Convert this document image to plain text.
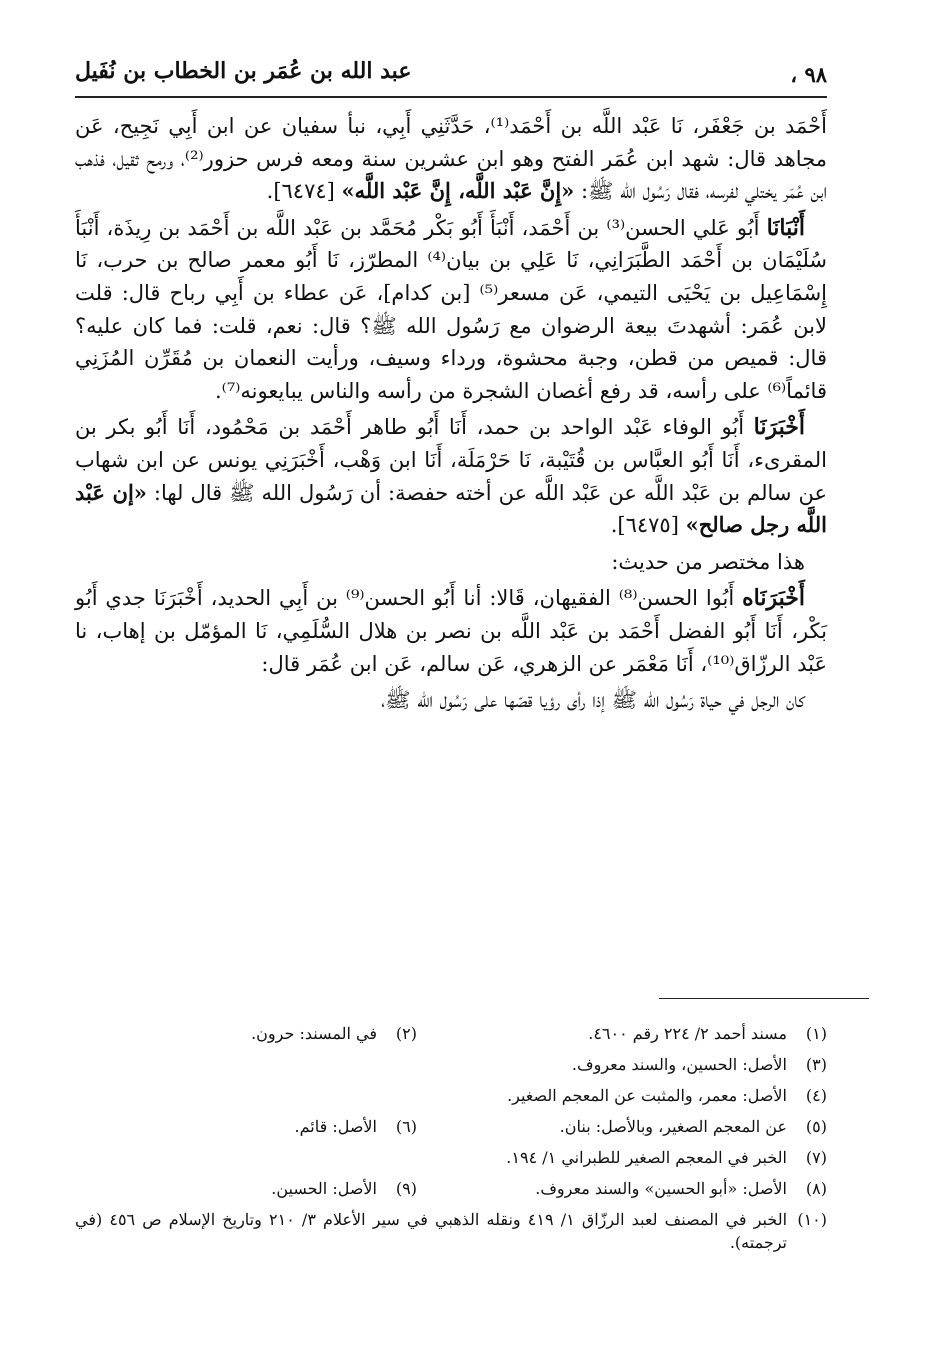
٩٨ ،
عبد الله بن عُمَر بن الخطاب بن نُفَيل

أَحْمَد بن جَعْفَر، نَا عَبْد اللَّه بن أَحْمَد⁽¹⁾، حَدَّثَنِي أَبِي، نبأ سفيان عن ابن أَبِي نَجِيح، عَن مجاهد قال: شهد ابن عُمَر الفتح وهو ابن عشرين سنة ومعه فرس حزور⁽²⁾، ورمح ثقيل، فذهب ابن عُمَر يختلي لفرسه، فقال رَسُول الله ﷺ: «إِنَّ عَبْد اللَّه، إِنَّ عَبْد اللَّه» [٦٤٧٤].

أَنْبَانَا أَبُو عَلي الحسن⁽³⁾ بن أَحْمَد، أَنْبَأَ أَبُو بَكْر مُحَمَّد بن عَبْد اللَّه بن أَحْمَد بن رِيذَة، أَنْبَأَ سُلَيْمَان بن أَحْمَد الطَّبَرَانِي، نَا عَلِي بن بيان⁽⁴⁾ المطرّز، نَا أَبُو معمر صالح بن حرب، نَا إِسْمَاعِيل بن يَحْيَى التيمي، عَن مسعر⁽⁵⁾ [بن كدام]، عَن عطاء بن أَبِي رباح قال: قلت لابن عُمَر: أشهدتَ بيعة الرضوان مع رَسُول الله ﷺ؟ قال: نعم، قلت: فما كان عليه؟ قال: قميص من قطن، وجبة محشوة، ورداء وسيف، ورأيت النعمان بن مُقَرِّن المُزَنِي قائماً⁽⁶⁾ على رأسه، قد رفع أغصان الشجرة من رأسه والناس يبايعونه⁽⁷⁾.

أَخْبَرَنَا أَبُو الوفاء عَبْد الواحد بن حمد، أَنَا أَبُو طاهر أَحْمَد بن مَحْمُود، أَنَا أَبُو بكر بن المقرىء، أَنَا أَبُو العبَّاس بن قُتَيْبة، نَا حَرْمَلَة، أَنَا ابن وَهْب، أَخْبَرَنِي يونس عن ابن شهاب عن سالم بن عَبْد اللَّه عن عَبْد اللَّه عن أخته حفصة: أن رَسُول الله ﷺ قال لها: «إن عَبْد اللَّه رجل صالح» [٦٤٧٥].

هذا مختصر من حديث:

أَخْبَرَنَاه أَبُوا الحسن⁽⁸⁾ الفقيهان، قَالا: أنا أَبُو الحسن⁽⁹⁾ بن أَبِي الحديد، أَخْبَرَنَا جدي أَبُو بَكْر، أَنَا أَبُو الفضل أَحْمَد بن عَبْد اللَّه بن نصر بن هلال السُّلَمِي، نَا المؤمّل بن إهاب، نا عَبْد الرزّاق⁽¹⁰⁾، أَنَا مَعْمَر عن الزهري، عَن سالم، عَن ابن عُمَر قال:

كان الرجل في حياة رَسُول الله ﷺ إذا رأى رؤيا قصّها على رَسُول الله ﷺ،

(١)
مسند أحمد ٢/ ٢٢٤ رقم ٤٦٠٠.
(٢)
في المسند: حرون.
(٣)
الأصل: الحسين، والسند معروف.
(٤)
الأصل: معمر، والمثبت عن المعجم الصغير.
(٥)
عن المعجم الصغير، وبالأصل: بنان.
(٦)
الأصل: قائم.
(٧)
الخبر في المعجم الصغير للطبراني ١/ ١٩٤.
(٨)
الأصل: «أبو الحسين» والسند معروف.
(٩)
الأصل: الحسين.
(١٠)
الخبر في المصنف لعبد الرزّاق ١/ ٤١٩ ونقله الذهبي في سير الأعلام ٣/ ٢١٠ وتاريخ الإسلام ص ٤٥٦ (في ترجمته).
